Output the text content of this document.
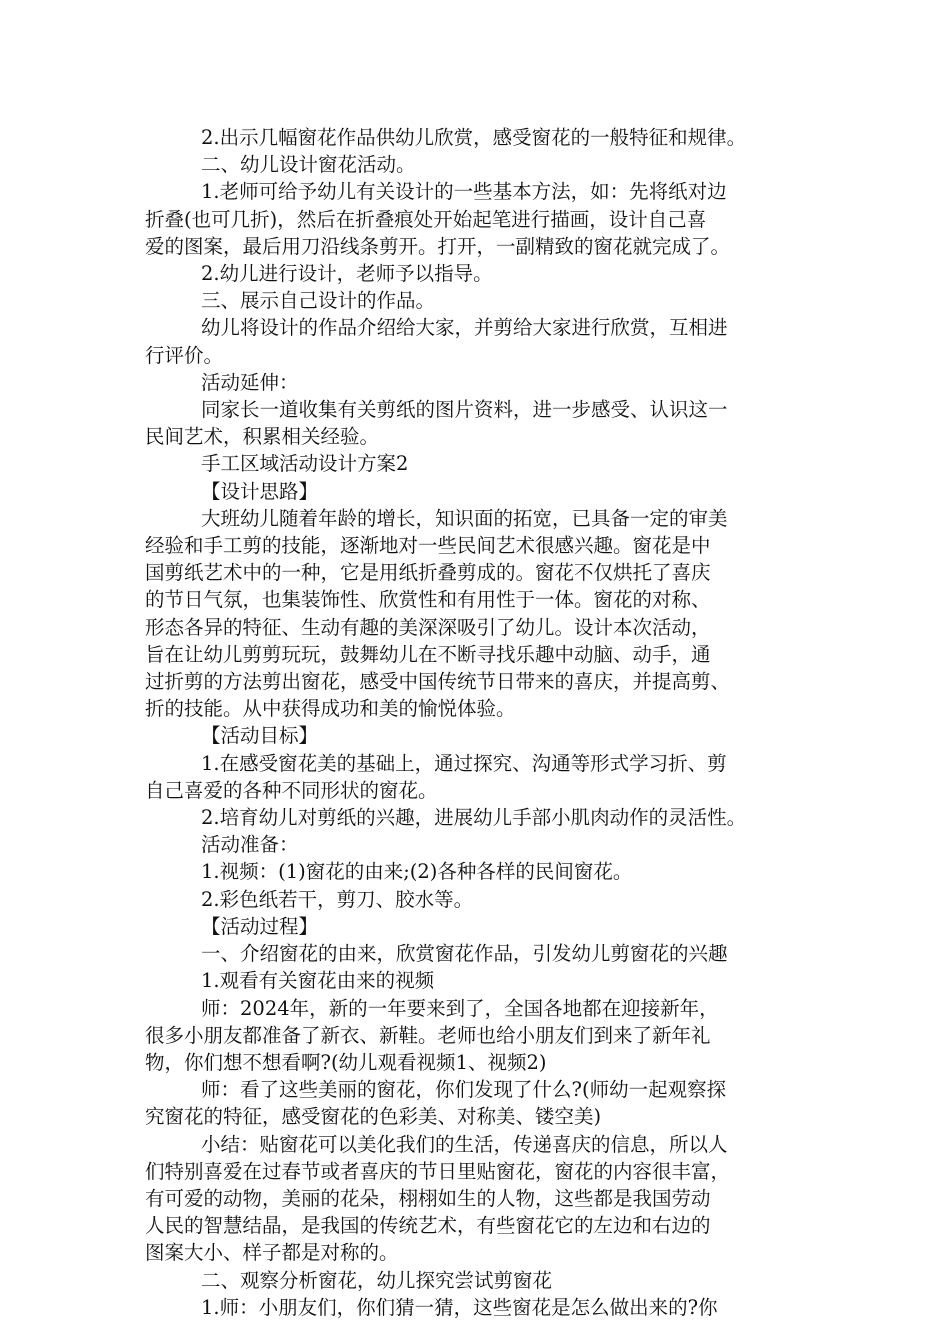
2.出示几幅窗花作品供幼儿欣赏，感受窗花的一般特征和规律。

二、幼儿设计窗花活动。

1.老师可给予幼儿有关设计的一些基本方法，如：先将纸对边

折叠(也可几折)，然后在折叠痕处开始起笔进行描画，设计自己喜

爱的图案，最后用刀沿线条剪开。打开，一副精致的窗花就完成了。

2.幼儿进行设计，老师予以指导。

三、展示自己设计的作品。

幼儿将设计的作品介绍给大家，并剪给大家进行欣赏，互相进

行评价。

活动延伸：

同家长一道收集有关剪纸的图片资料，进一步感受、认识这一

民间艺术，积累相关经验。

手工区域活动设计方案2

【设计思路】

大班幼儿随着年龄的增长，知识面的拓宽，已具备一定的审美

经验和手工剪的技能，逐渐地对一些民间艺术很感兴趣。窗花是中

国剪纸艺术中的一种，它是用纸折叠剪成的。窗花不仅烘托了喜庆

的节日气氛，也集装饰性、欣赏性和有用性于一体。窗花的对称、

形态各异的特征、生动有趣的美深深吸引了幼儿。设计本次活动，

旨在让幼儿剪剪玩玩，鼓舞幼儿在不断寻找乐趣中动脑、动手，通

过折剪的方法剪出窗花，感受中国传统节日带来的喜庆，并提高剪、

折的技能。从中获得成功和美的愉悦体验。

【活动目标】

1.在感受窗花美的基础上，通过探究、沟通等形式学习折、剪

自己喜爱的各种不同形状的窗花。

2.培育幼儿对剪纸的兴趣，进展幼儿手部小肌肉动作的灵活性。

活动准备：

1.视频：(1)窗花的由来;(2)各种各样的民间窗花。

2.彩色纸若干，剪刀、胶水等。

【活动过程】

一、介绍窗花的由来，欣赏窗花作品，引发幼儿剪窗花的兴趣

1.观看有关窗花由来的视频

师：2024年，新的一年要来到了，全国各地都在迎接新年，

很多小朋友都准备了新衣、新鞋。老师也给小朋友们到来了新年礼

物，你们想不想看啊?(幼儿观看视频1、视频2)

师：看了这些美丽的窗花，你们发现了什么?(师幼一起观察探

究窗花的特征，感受窗花的色彩美、对称美、镂空美)

小结：贴窗花可以美化我们的生活，传递喜庆的信息，所以人

们特别喜爱在过春节或者喜庆的节日里贴窗花，窗花的内容很丰富，

有可爱的动物，美丽的花朵，栩栩如生的人物，这些都是我国劳动

人民的智慧结晶，是我国的传统艺术，有些窗花它的左边和右边的

图案大小、样子都是对称的。

二、观察分析窗花，幼儿探究尝试剪窗花

1.师：小朋友们，你们猜一猜，这些窗花是怎么做出来的?你
